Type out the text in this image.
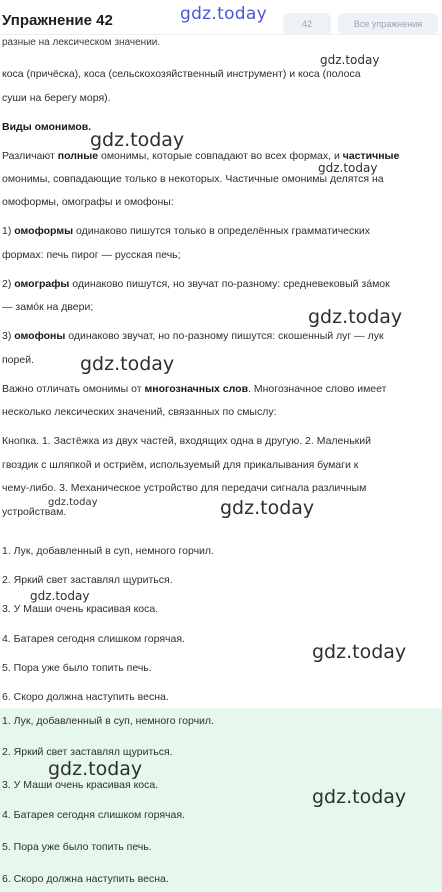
Упражнение 42	gdz.today	42	Все упражнения
разные на лексическом значении.
коса (причёска), коса (сельскохозяйственный инструмент) и коса (полоса
суши на берегу моря).
Виды омонимов.
Различают полные омонимы, которые совпадают во всех формах, и частичные
омонимы, совпадающие только в некоторых. Частичные омонимы делятся на
омоформы, омографы и омофоны:
1) омоформы одинаково пишутся только в определённых грамматических
формах: печь пирог — русская печь;
2) омографы одинаково пишутся, но звучат по-разному: средневековый зáмок
— замóк на двери;
3) омофоны одинаково звучат, но по-разному пишутся: скошенный луг — лук
порей.
Важно отличать омонимы от многозначных слов. Многозначное слово имеет
несколько лексических значений, связанных по смыслу:
Кнопка. 1. Застёжка из двух частей, входящих одна в другую. 2. Маленький
гвоздик с шляпкой и остриём, используемый для прикалывания бумаги к
чему-либо. 3. Механическое устройство для передачи сигнала различным
устройствам.
1. Лук, добавленный в суп, немного горчил.
2. Яркий свет заставлял щуриться.
3. У Маши очень красивая коса.
4. Батарея сегодня слишком горячая.
5. Пора уже было топить печь.
6. Скоро должна наступить весна.
1. Лук, добавленный в суп, немного горчил.
2. Яркий свет заставлял щуриться.
3. У Маши очень красивая коса.
4. Батарея сегодня слишком горячая.
5. Пора уже было топить печь.
6. Скоро должна наступить весна.
gdz.today
gdz.today
gdz.today
gdz.today
gdz.today
gdz.today	gdz.today
gdz.today
gdz.today
gdz.today
gdz.today
